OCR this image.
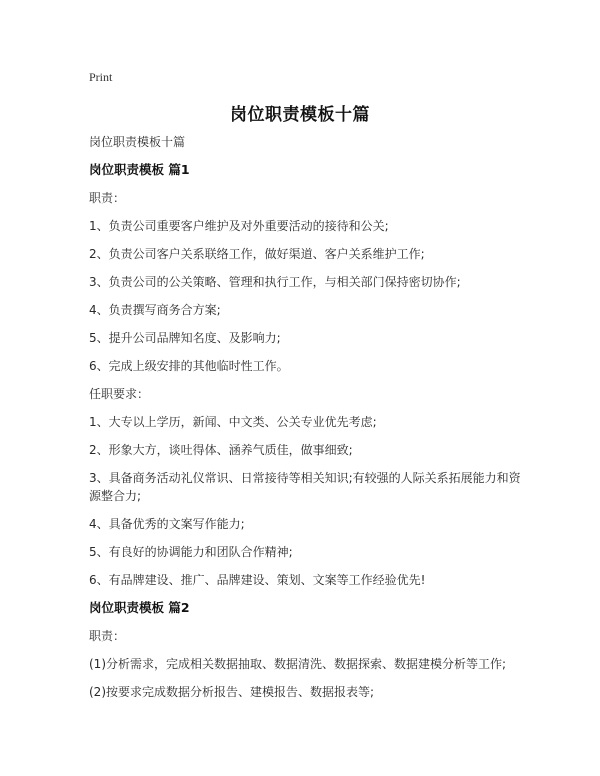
Print
岗位职责模板十篇
岗位职责模板十篇
岗位职责模板 篇1
职责：
1、负责公司重要客户维护及对外重要活动的接待和公关;
2、负责公司客户关系联络工作，做好渠道、客户关系维护工作;
3、负责公司的公关策略、管理和执行工作，与相关部门保持密切协作;
4、负责撰写商务合方案;
5、提升公司品牌知名度、及影响力;
6、完成上级安排的其他临时性工作。
任职要求：
1、大专以上学历，新闻、中文类、公关专业优先考虑;
2、形象大方，谈吐得体、涵养气质佳，做事细致;
3、具备商务活动礼仪常识、日常接待等相关知识;有较强的人际关系拓展能力和资源整合力;
4、具备优秀的文案写作能力;
5、有良好的协调能力和团队合作精神;
6、有品牌建设、推广、品牌建设、策划、文案等工作经验优先!
岗位职责模板 篇2
职责：
(1)分析需求，完成相关数据抽取、数据清洗、数据探索、数据建模分析等工作;
(2)按要求完成数据分析报告、建模报告、数据报表等;
